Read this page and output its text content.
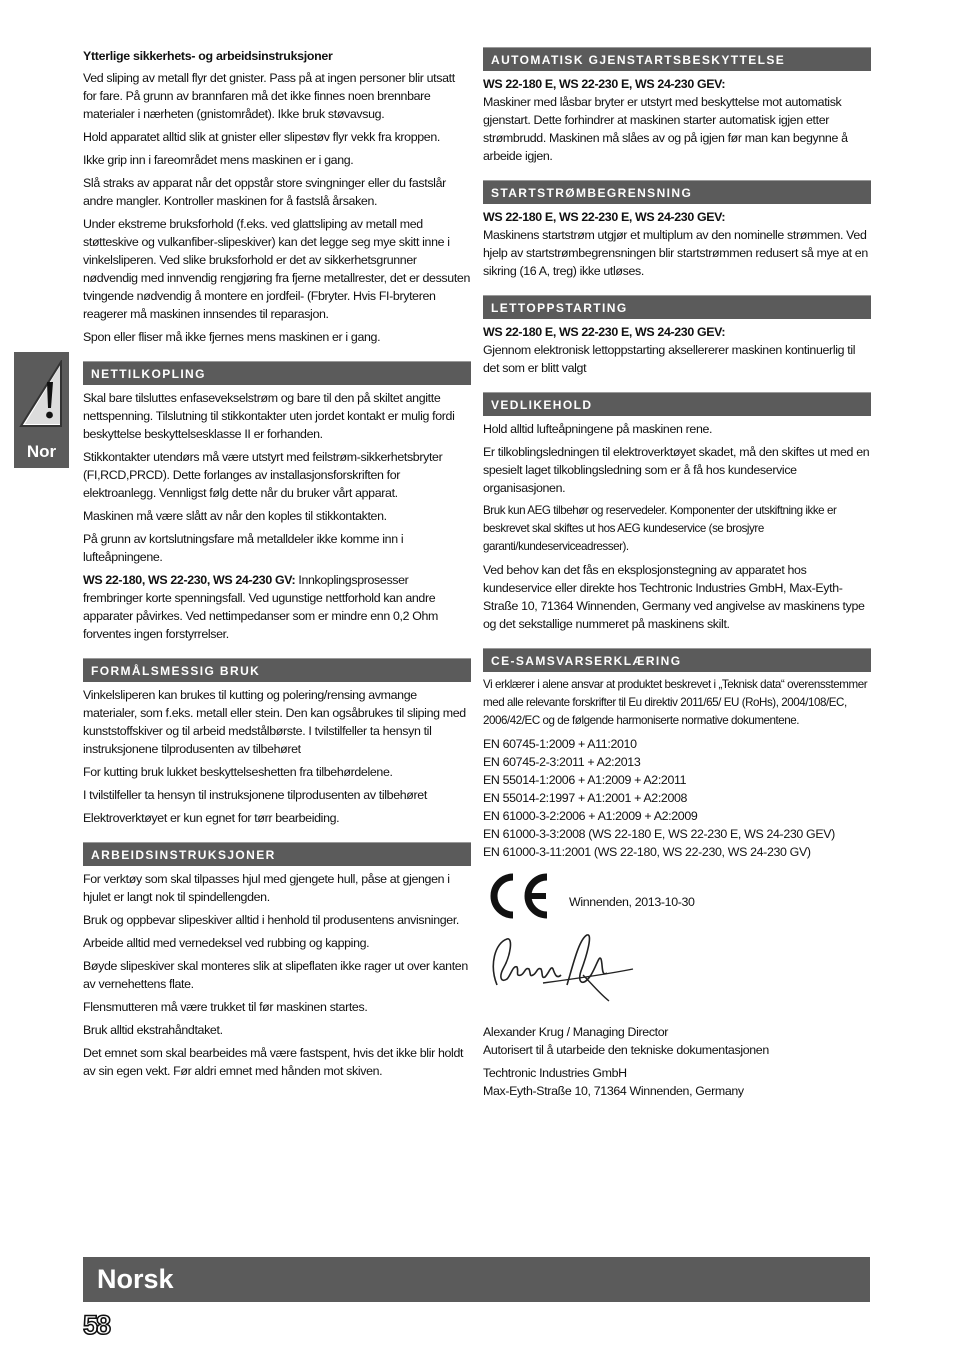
Nor
Ytterlige sikkerhets- og arbeidsinstruksjoner
Ved sliping av metall flyr det gnister. Pass på at ingen personer blir utsatt for fare. På grunn av brannfaren må det ikke finnes noen brennbare materialer i nærheten (gnistområdet). Ikke bruk støvavsug.
Hold apparatet alltid slik at gnister eller slipestøv flyr vekk fra kroppen.
Ikke grip inn i fareområdet mens maskinen er i gang.
Slå straks av apparat når det oppstår store svingninger eller du fastslår andre mangler. Kontroller maskinen for å fastslå årsaken.
Under ekstreme bruksforhold (f.eks. ved glattsliping av metall med støtteskive og vulkanfiber-slipeskiver) kan det legge seg mye skitt inne i vinkelsliperen. Ved slike bruksforhold er det av sikkerhetsgrunner nødvendig med innvendig rengjøring fra fjerne metallrester, det er dessuten tvingende nødvendig å montere en jordfeil- (Fbryter. Hvis FI-bryteren reagerer må maskinen innsendes til reparasjon.
Spon eller fliser må ikke fjernes mens maskinen er i gang.
NETTILKOPLING
Skal bare tilsluttes enfasevekselstrøm og bare til den på skiltet angitte nettspenning. Tilslutning til stikkontakter uten jordet kontakt er mulig fordi beskyttelse beskyttelsesklasse II er forhanden.
Stikkontakter utendørs må være utstyrt med feilstrøm-sikkerhetsbryter (FI,RCD,PRCD). Dette forlanges av installasjonsforskriften for elektroanlegg. Vennligst følg dette når du bruker vårt apparat.
Maskinen må være slått av når den koples til stikkontakten.
På grunn av kortslutningsfare må metalldeler ikke komme inn i lufteåpningene.
WS 22-180, WS 22-230, WS 24-230 GV: Innkoplingsprosesser frembringer korte spenningsfall. Ved ugunstige nettforhold kan andre apparater påvirkes. Ved nettimpedanser som er mindre enn 0,2 Ohm forventes ingen forstyrrelser.
FORMÅLSMESSIG BRUK
Vinkelsliperen kan brukes til kutting og polering/rensing avmange materialer, som f.eks. metall eller stein. Den kan ogsåbrukes til sliping med kunststoffskiver og til arbeid medstålbørste. I tvilstilfeller ta hensyn til instruksjonene tilprodusenten av tilbehøret
For kutting bruk lukket beskyttelseshetten fra tilbehørdelene.
I tvilstilfeller ta hensyn til instruksjonene tilprodusenten av tilbehøret
Elektroverktøyet er kun egnet for tørr bearbeiding.
ARBEIDSINSTRUKSJONER
For verktøy som skal tilpasses hjul med gjengete hull, påse at gjengen i hjulet er langt nok til spindellengden.
Bruk og oppbevar slipeskiver alltid i henhold til produsentens anvisninger.
Arbeide alltid med vernedeksel ved rubbing og kapping.
Bøyde slipeskiver skal monteres slik at slipeflaten ikke rager ut over kanten av vernehettens flate.
Flensmutteren må være trukket til før maskinen startes.
Bruk alltid ekstrahåndtaket.
Det emnet som skal bearbeides må være fastspent, hvis det ikke blir holdt av sin egen vekt. Før aldri emnet med hånden mot skiven.
AUTOMATISK GJENSTARTSBESKYTTELSE
WS 22-180 E, WS 22-230 E, WS 24-230 GEV:
Maskiner med låsbar bryter er utstyrt med beskyttelse mot automatisk gjenstart. Dette forhindrer at maskinen starter automatisk igjen etter strømbrudd. Maskinen må slåes av og på igjen før man kan begynne å arbeide igjen.
STARTSTRØMBEGRENSNING
WS 22-180 E, WS 22-230 E, WS 24-230 GEV:
Maskinens startstrøm utgjør et multiplum av den nominelle strømmen. Ved hjelp av startstrømbegrensningen blir startstrømmen redusert så mye at en sikring (16 A, treg) ikke utløses.
LETTOPPSTARTING
WS 22-180 E, WS 22-230 E, WS 24-230 GEV:
Gjennom elektronisk lettoppstarting aksellererer maskinen kontinuerlig til det som er blitt valgt
VEDLIKEHOLD
Hold alltid lufteåpningene på maskinen rene.
Er tilkoblingsledningen til elektroverktøyet skadet, må den skiftes ut med en spesielt laget tilkoblingsledning som er å få hos kundeservice organisasjonen.
Bruk kun AEG tilbehør og reservedeler. Komponenter der utskiftning ikke er beskrevet skal skiftes ut hos AEG kundeservice (se brosjyre garanti/kundeserviceadresser).
Ved behov kan det fås en eksplosjonstegning av apparatet hos kundeservice eller direkte hos Techtronic Industries GmbH, Max-Eyth-Straße 10, 71364 Winnenden, Germany ved angivelse av maskinens type og det sekstallige nummeret på maskinens skilt.
CE-SAMSVARSERKLÆRING
Vi erklærer i alene ansvar at produktet beskrevet i „Teknisk data“ overensstemmer med alle relevante forskrifter til Eu direktiv 2011/65/ EU (RoHs), 2004/108/EC, 2006/42/EC og de følgende harmoniserte normative dokumentene.
EN 60745-1:2009 + A11:2010
EN 60745-2-3:2011 + A2:2013
EN 55014-1:2006 + A1:2009 + A2:2011
EN 55014-2:1997 + A1:2001 + A2:2008
EN 61000-3-2:2006 + A1:2009 + A2:2009
EN 61000-3-3:2008 (WS 22-180 E, WS 22-230 E, WS 24-230 GEV)
EN 61000-3-11:2001 (WS 22-180, WS 22-230, WS 24-230 GV)
Winnenden, 2013-10-30
Alexander Krug / Managing Director
Autorisert til å utarbeide den tekniske dokumentasjonen
Techtronic Industries GmbH
Max-Eyth-Straße 10, 71364 Winnenden, Germany
Norsk
58
